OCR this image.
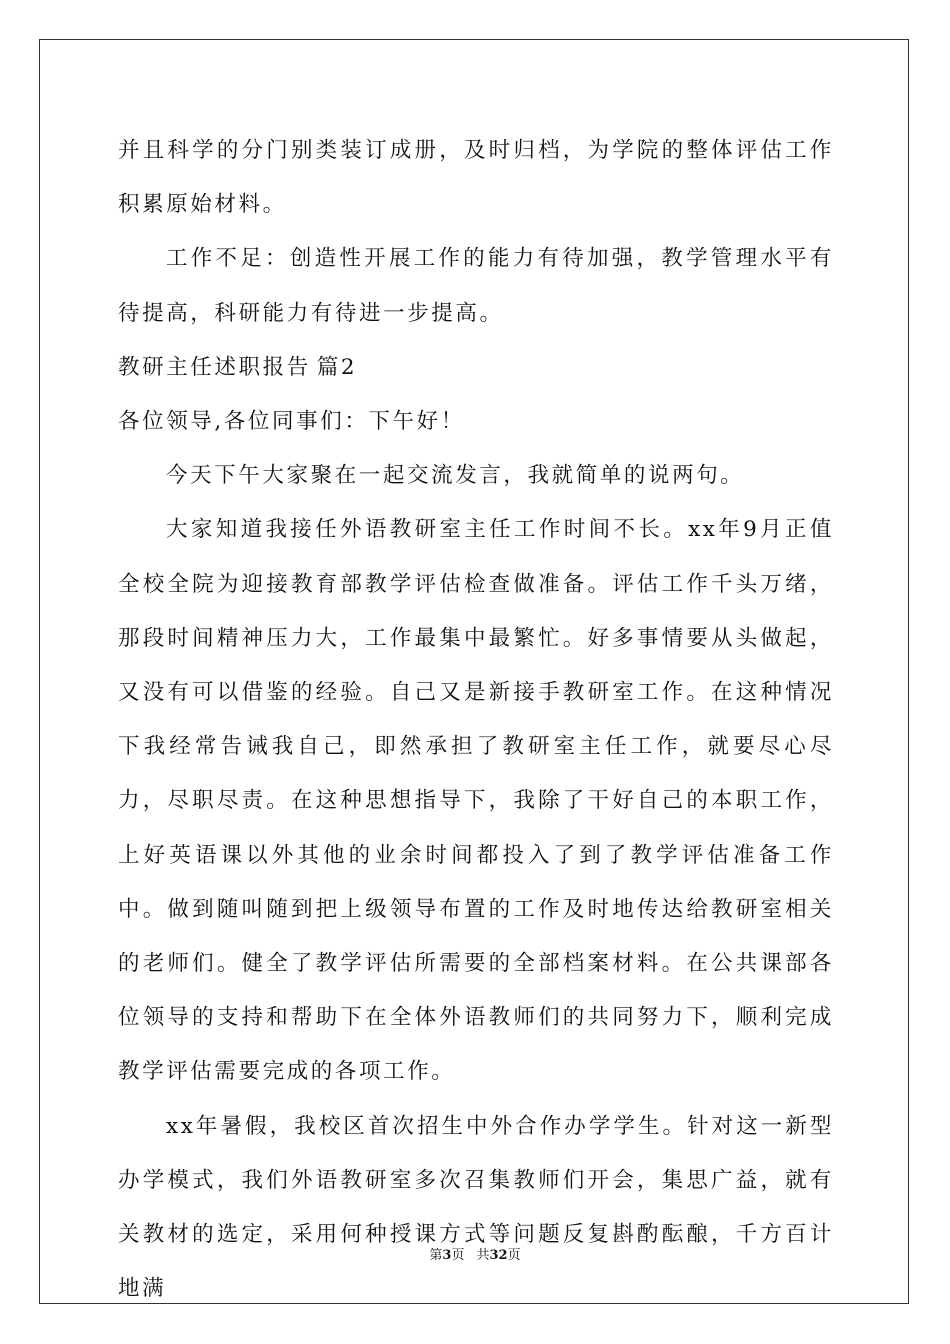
并且科学的分门别类装订成册，及时归档，为学院的整体评估工作积累原始材料。

工作不足：创造性开展工作的能力有待加强，教学管理水平有待提高，科研能力有待进一步提高。

教研主任述职报告 篇2

各位领导,各位同事们：下午好！

今天下午大家聚在一起交流发言，我就简单的说两句。

大家知道我接任外语教研室主任工作时间不长。xx年9月正值全校全院为迎接教育部教学评估检查做准备。评估工作千头万绪，那段时间精神压力大，工作最集中最繁忙。好多事情要从头做起，又没有可以借鉴的经验。自己又是新接手教研室工作。在这种情况下我经常告诫我自己，即然承担了教研室主任工作，就要尽心尽力，尽职尽责。在这种思想指导下，我除了干好自己的本职工作，上好英语课以外其他的业余时间都投入了到了教学评估准备工作中。做到随叫随到把上级领导布置的工作及时地传达给教研室相关的老师们。健全了教学评估所需要的全部档案材料。在公共课部各位领导的支持和帮助下在全体外语教师们的共同努力下，顺利完成教学评估需要完成的各项工作。

xx年暑假，我校区首次招生中外合作办学学生。针对这一新型办学模式，我们外语教研室多次召集教师们开会，集思广益，就有关教材的选定，采用何种授课方式等问题反复斟酌酝酿，千方百计地满

第3页 共32页
